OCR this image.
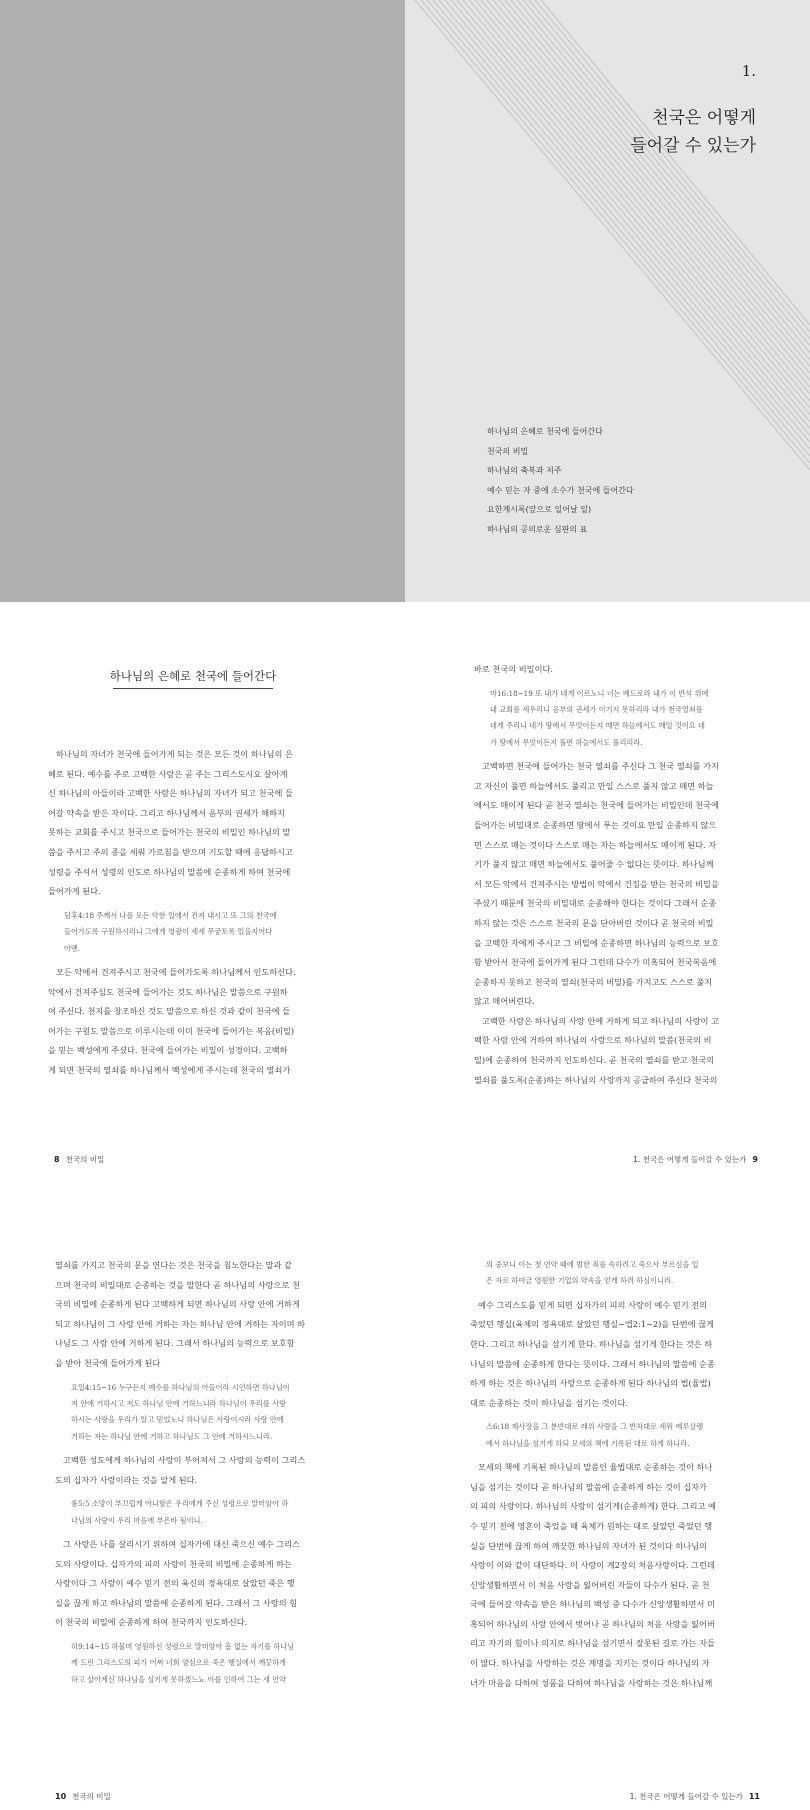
1.
천국은 어떻게
들어갈 수 있는가
하나님의 은혜로 천국에 들어간다
천국의 비밀
하나님의 축복과 저주
예수 믿는 자 중에 소수가 천국에 들어간다
요한계시록(앞으로 일어날 일)
하나님의 공의로운 심판의 표
하나님의 은혜로 천국에 들어간다
하나님의 자녀가 천국에 들어가게 되는 것은 모든 것이 하나님의 은
혜로 된다. 예수를 주로 고백한 사람은 곧 주는 그리스도시요 살아계
신 하나님의 아들이라 고백한 사람은 하나님의 자녀가 되고 천국에 들
어갈 약속을 받은 자이다. 그리고 하나님께서 음부의 권세가 해하지
못하는 교회를 주시고 천국으로 들어가는 천국의 비밀인 하나님의 말
씀을 주시고 주의 종을 세워 가르침을 받으며 기도할 때에 응답하시고
성령을 주셔서 성령의 인도로 하나님의 말씀에 순종하게 하여 천국에
들어가게 된다.
딤후4:18 주께서 나를 모든 악한 일에서 건져 내시고 또 그의 천국에
들어가도록 구원하시리니 그에게 영광이 세세 무궁토록 있을지어다
아멘.
모든 악에서 건져주시고 천국에 들어가도록 하나님께서 인도하신다.
악에서 건져주심도 천국에 들어가는 것도 하나님은 말씀으로 구원하
여 주신다. 천지를 창조하신 것도 말씀으로 하신 것과 같이 천국에 들
어가는 구원도 말씀으로 이루시는데 이미 천국에 들어가는 복음(비밀)
을 믿는 백성에게 주셨다. 천국에 들어가는 비밀이 성경이다. 고백하
게 되면 천국의 열쇠를 하나님께서 백성에게 주시는데 천국의 열쇠가
8 천국의 비밀
바로 천국의 비밀이다.
마16:18~19 또 내가 네게 이르노니 너는 베드로라 내가 이 반석 위에
내 교회를 세우리니 음부의 권세가 이기지 못하리라 내가 천국열쇠를
네게 주리니 네가 땅에서 무엇이든지 매면 하늘에서도 매일 것이요 네
가 땅에서 무엇이든지 풀면 하늘에서도 풀리리라.
고백하면 천국에 들어가는 천국 열쇠를 주신다 그 천국 열쇠를 가지
고 자신이 풀면 하늘에서도 풀리고 만일 스스로 풀지 않고 매면 하늘
에서도 매이게 된다 곧 천국 열쇠는 천국에 들어가는 비밀인데 천국에
들어가는 비밀대로 순종하면 땅에서 푸는 것이요 만일 순종하지 않으
면 스스로 매는 것이다 스스로 매는 자는 하늘에서도 매이게 된다. 자
기가 풀지 않고 매면 하늘에서도 풀어줄 수 없다는 뜻이다. 하나님께
서 모든 악에서 건져주시는 방법이 악에서 건짐을 받는 천국의 비밀을
주셨기 때문에 천국의 비밀대로 순종해야 한다는 것이다 그래서 순종
하지 않는 것은 스스로 천국의 문을 단아버린 것이다 곧 천국의 비밀
을 고백한 자에게 주시고 그 비밀에 순종하면 하나님의 능력으로 보호
함 받아서 천국에 들어가게 된다 그런데 다수가 미혹되어 천국복음에
순종하지 못하고 천국의 열쇠(천국의 비밀)를 가지고도 스스로 풀지
않고 매어버린다.
고백한 사람은 하나님의 사랑 안에 거하게 되고 하나님의 사랑이 고
백한 사람 안에 거하여 하나님의 사랑으로 하나님의 말씀(천국의 비
밀)에 순종하여 천국까지 인도하신다. 곧 천국의 열쇠를 받고 천국의
열쇠를 풀도록(순종)하는 하나님의 사랑까지 공급하여 주신다 천국의
1. 천국은 어떻게 들어갈 수 있는가 9
열쇠를 가지고 천국의 문을 연다는 것은 천국을 침노한다는 말과 같
으며 천국의 비밀대로 순종하는 것을 말한다 곧 하나님의 사랑으로 천
국의 비밀에 순종하게 된다 고백하게 되면 하나님의 사랑 안에 거하게
되고 하나님이 그 사랑 안에 거하는 자는 하나님 안에 거하는 자이며 하
나님도 그 사람 안에 거하게 된다. 그래서 하나님의 능력으로 보호함
을 받아 천국에 들어가게 된다
요일4:15~16 누구든지 예수를 하나님의 아들이라 시인하면 하나님이
저 안에 거하시고 저도 하나님 안에 거하느니라 하나님이 우리를 사랑
하시는 사랑을 우리가 알고 믿었노니 하나님은 사랑이시라 사랑 안에
거하는 자는 하나님 안에 거하고 하나님도 그 안에 거하시느니라.
고백한 성도에게 하나님의 사랑이 부어져서 그 사랑의 능력이 그리스
도의 십자가 사랑이라는 것을 알게 된다.
롬5:5 소망이 부끄럽게 아니함은 우리에게 주신 성령으로 말미암아 하
나님의 사랑이 우리 마음에 부은바 됨이니.
그 사랑은 나를 살리시기 위하여 십자가에 대신 죽으신 예수 그리스
도의 사랑이다. 십자가의 피의 사랑이 천국의 비밀에 순종하게 하는
사랑이다 그 사랑이 예수 믿기 전의 육신의 정욕대로 살았던 죽은 행
실을 끊게 하고 하나님의 말씀에 순종하게 된다. 그래서 그 사랑의 힘
이 천국의 비밀에 순종하게 하여 천국까지 인도하신다.
히9:14~15 하물며 영원하신 성령으로 말미암아 흠 없는 자기를 하나님
께 드린 그리스도의 피가 어찌 너희 양심으로 죽은 행실에서 깨끗하게
하고 살아계신 하나님을 섬기게 못하겠느뇨 이를 인하여 그는 새 언약
10 천국의 비밀
의 중보니 이는 첫 언약 때에 범한 죄를 속하려고 죽으사 부르심을 입
은 자로 하여금 영원한 기업의 약속을 얻게 하려 하심이니라.
예수 그리스도를 믿게 되면 십자가의 피의 사랑이 예수 믿기 전의
죽었던 행실(육체의 정욕대로 살았던 행실~엡2:1~2)을 단번에 끊게
한다. 그리고 하나님을 섬기게 한다. 하나님을 섬기게 한다는 것은 하
나님의 말씀에 순종하게 한다는 뜻이다. 그래서 하나님의 말씀에 순종
하게 하는 것은 하나님의 사랑으로 순종하게 된다 하나님의 법(율법)
대로 순종하는 것이 하나님을 섬기는 것이다.
스6:18 제사장을 그 분반대로 레위 사람을 그 반차대로 세워 예루살렘
에서 하나님을 섬기게 하되 모세의 책에 기록된 대로 하게 하니라.
모세의 책에 기록된 하나님의 말씀인 율법대로 순종하는 것이 하나
님을 섬기는 것이다 곧 하나님의 말씀에 순종하게 하는 것이 십자가
의 피의 사랑이다. 하나님의 사랑이 섬기게(순종하게) 한다. 그리고 예
수 믿기 전에 영혼이 죽었을 때 육체가 원하는 대로 살았던 죽었던 행
실을 단번에 끊게 하여 깨끗한 하나님의 자녀가 된 것이다 하나님의
사랑이 이와 같이 대단하다. 이 사랑이 계2장의 처음사랑이다. 그런데
신앙생활하면서 이 처음 사랑을 잃어버린 자들이 다수가 된다. 곧 천
국에 들어갈 약속을 받은 하나님의 백성 중 다수가 신앙생활하면서 미
혹되어 하나님의 사랑 안에서 벗어나 곧 하나님의 처음 사랑을 잃어버
리고 자기의 힘이나 의지로 하나님을 섬기면서 잘못된 길로 가는 자들
이 많다. 하나님을 사랑하는 것은 계명을 지키는 것이다 하나님의 자
녀가 마음을 다하여 성품을 다하여 하나님을 사랑하는 것은 하나님께
1. 천국은 어떻게 들어갈 수 있는가 11
